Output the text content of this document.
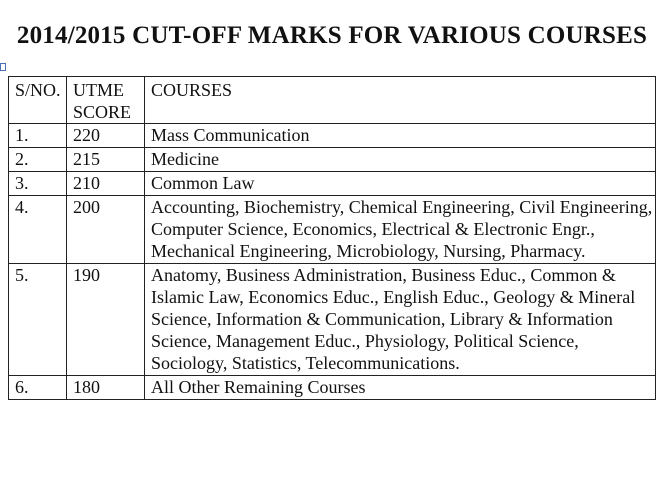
2014/2015 CUT-OFF MARKS FOR VARIOUS COURSES
S/NO.	UTME SCORE	COURSES
1.	220	Mass Communication
2.	215	Medicine
3.	210	Common Law
4.	200	Accounting, Biochemistry, Chemical Engineering, Civil Engineering, Computer Science, Economics, Electrical & Electronic Engr., Mechanical Engineering, Microbiology, Nursing, Pharmacy.
5.	190	Anatomy, Business Administration, Business Educ., Common & Islamic Law, Economics Educ., English Educ., Geology & Mineral Science, Information & Communication, Library & Information Science, Management Educ., Physiology, Political Science, Sociology, Statistics, Telecommunications.
6.	180	All Other Remaining Courses
